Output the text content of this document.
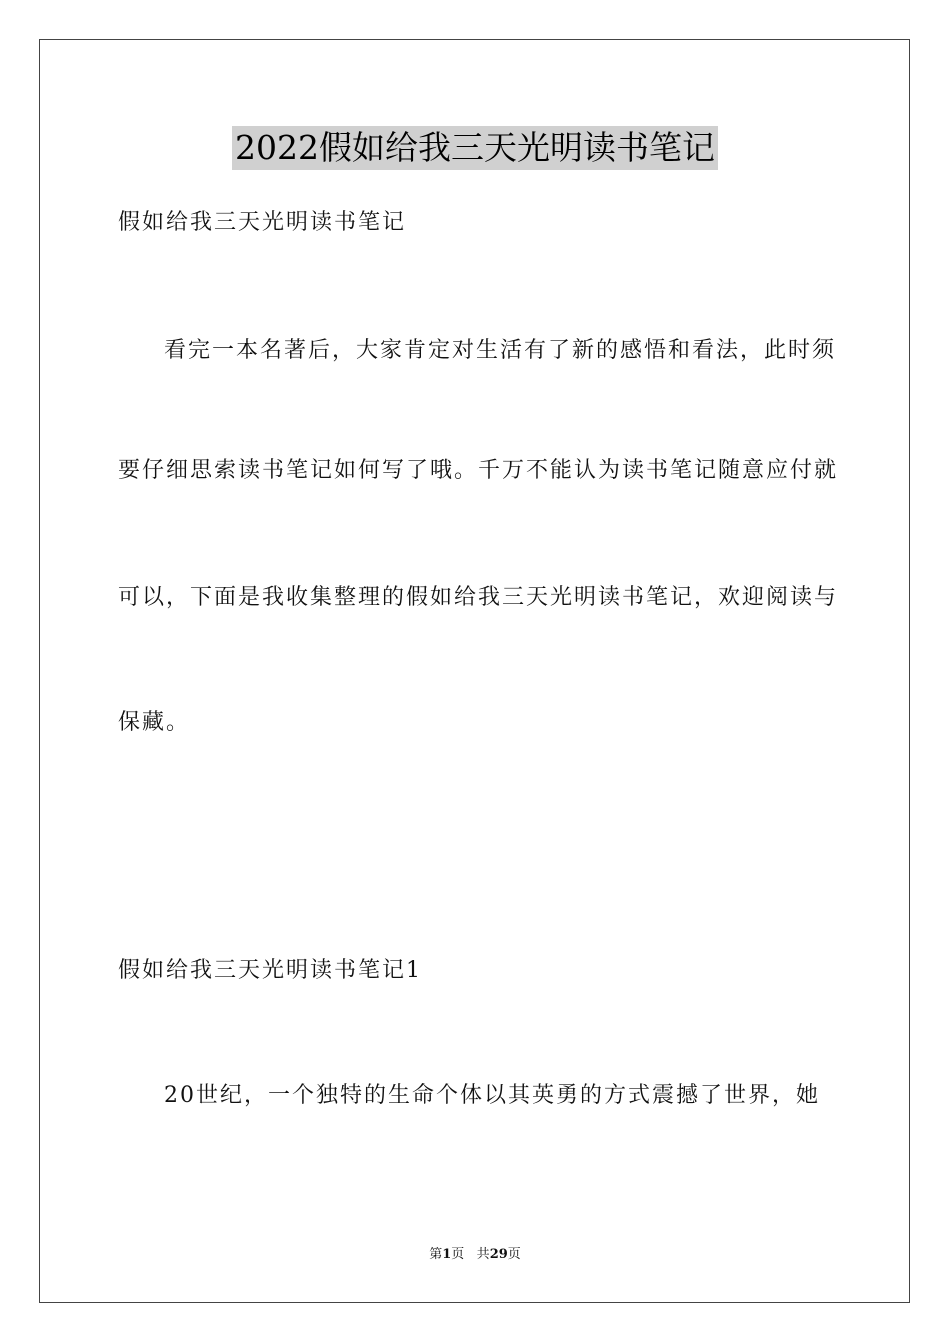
2022假如给我三天光明读书笔记
假如给我三天光明读书笔记
看完一本名著后，大家肯定对生活有了新的感悟和看法，此时须
要仔细思索读书笔记如何写了哦。千万不能认为读书笔记随意应付就
可以，下面是我收集整理的假如给我三天光明读书笔记，欢迎阅读与
保藏。
假如给我三天光明读书笔记1
20世纪，一个独特的生命个体以其英勇的方式震撼了世界，她
第1页 共29页
